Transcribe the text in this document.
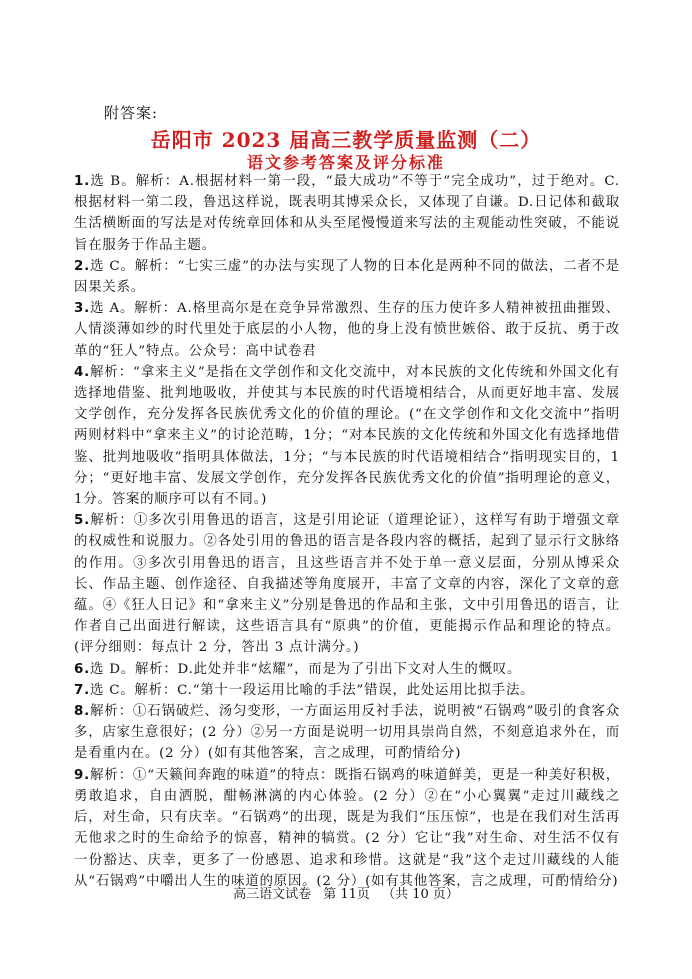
附答案:
岳阳市 2023 届高三教学质量监测（二）
语文参考答案及评分标准

1.选 B。解析：A.根据材料一第一段，“最大成功”不等于“完全成功”，过于绝对。C.根据材料一第二段，鲁迅这样说，既表明其博采众长，又体现了自谦。D.日记体和截取生活横断面的写法是对传统章回体和从头至尾慢慢道来写法的主观能动性突破，不能说旨在服务于作品主题。

2.选 C。解析：“七实三虚”的办法与实现了人物的日本化是两种不同的做法，二者不是因果关系。

3.选 A。解析：A.格里高尔是在竞争异常激烈、生存的压力使许多人精神被扭曲摧毁、人情淡薄如纱的时代里处于底层的小人物，他的身上没有愤世嫉俗、敢于反抗、勇于改革的“狂人”特点。公众号：高中试卷君

4.解析：“拿来主义”是指在文学创作和文化交流中，对本民族的文化传统和外国文化有选择地借鉴、批判地吸收，并使其与本民族的时代语境相结合，从而更好地丰富、发展文学创作，充分发挥各民族优秀文化的价值的理论。(“在文学创作和文化交流中”指明两则材料中“拿来主义”的讨论范畴，1分；“对本民族的文化传统和外国文化有选择地借鉴、批判地吸收”指明具体做法，1分；“与本民族的时代语境相结合”指明现实目的，1分；“更好地丰富、发展文学创作，充分发挥各民族优秀文化的价值”指明理论的意义，1分。答案的顺序可以有不同。)

5.解析：①多次引用鲁迅的语言，这是引用论证（道理论证），这样写有助于增强文章的权威性和说服力。②各处引用的鲁迅的语言是各段内容的概括，起到了显示行文脉络的作用。③多次引用鲁迅的语言，且这些语言并不处于单一意义层面，分别从博采众长、作品主题、创作途径、自我描述等角度展开，丰富了文章的内容，深化了文章的意蕴。④《狂人日记》和“拿来主义”分别是鲁迅的作品和主张，文中引用鲁迅的语言，让作者自己出面进行解读，这些语言具有“原典”的价值，更能揭示作品和理论的特点。(评分细则：每点计 2 分，答出 3 点计满分。)

6.选 D。解析：D.此处并非“炫耀”，而是为了引出下文对人生的慨叹。

7.选 C。解析：C.“第十一段运用比喻的手法”错误，此处运用比拟手法。

8.解析：①石锅破烂、汤匀变形，一方面运用反衬手法，说明被“石锅鸡”吸引的食客众多，店家生意很好；(2 分）②另一方面是说明一切用具崇尚自然，不刻意追求外在，而是看重内在。(2 分）(如有其他答案，言之成理，可酌情给分)

9.解析：①“天籁间奔跑的味道”的特点：既指石锅鸡的味道鲜美，更是一种美好积极，勇敢追求，自由洒脱，酣畅淋漓的内心体验。(2 分）②在“小心翼翼”走过川藏线之后，对生命，只有庆幸。“石锅鸡”的出现，既是为我们“压压惊”，也是在我们对生活再无他求之时的生命给予的惊喜，精神的犒赏。(2 分）它让“我”对生命、对生活不仅有一份豁达、庆幸，更多了一份感恩、追求和珍惜。这就是“我”这个走过川藏线的人能从“石锅鸡”中嚼出人生的味道的原因。(2 分）(如有其他答案，言之成理，可酌情给分)

高三语文试卷 第 11页 （共 10 页）
